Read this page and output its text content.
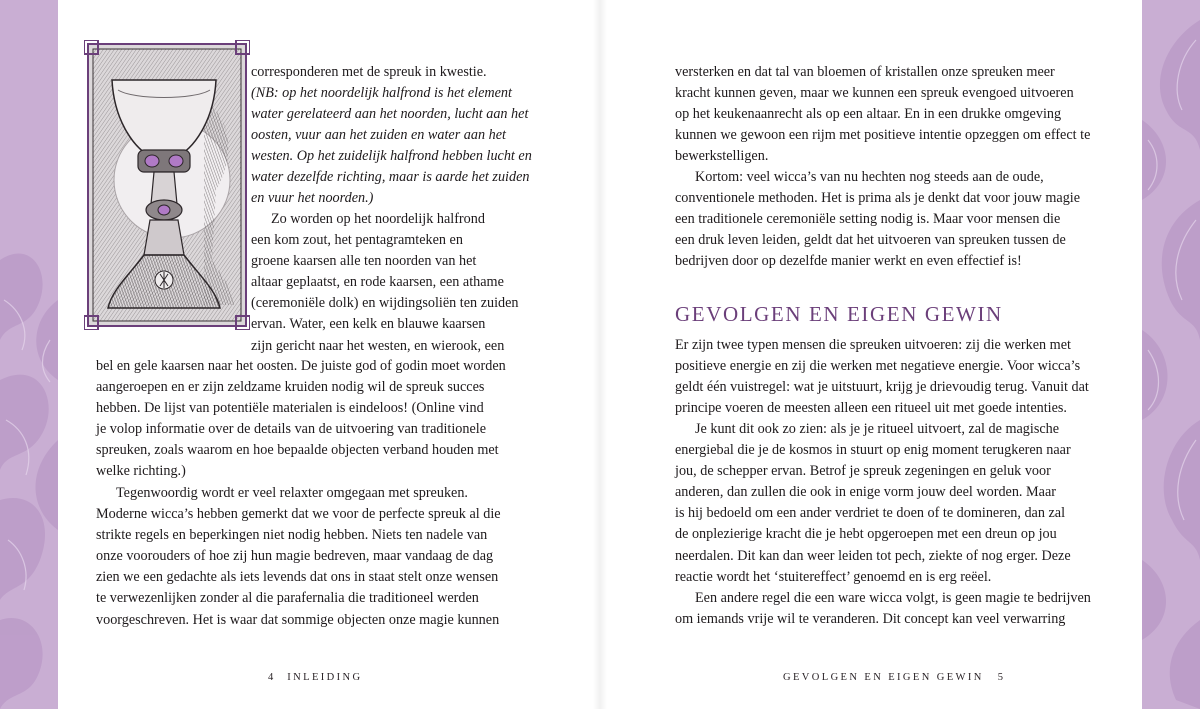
corresponderen met de spreuk in kwestie.

(NB: op het noordelijk halfrond is het element
water gerelateerd aan het noorden, lucht aan het
oosten, vuur aan het zuiden en water aan het
westen. Op het zuidelijk halfrond hebben lucht en
water dezelfde richting, maar is aarde het zuiden
en vuur het noorden.)

Zo worden op het noordelijk halfrond
een kom zout, het pentagramteken en
groene kaarsen alle ten noorden van het
altaar geplaatst, en rode kaarsen, een athame
(ceremoniële dolk) en wijdingsoliën ten zuiden
ervan. Water, een kelk en blauwe kaarsen
zijn gericht naar het westen, en wierook, een

bel en gele kaarsen naar het oosten. De juiste god of godin moet worden
aangeroepen en er zijn zeldzame kruiden nodig wil de spreuk succes
hebben. De lijst van potentiële materialen is eindeloos! (Online vind
je volop informatie over de details van de uitvoering van traditionele
spreuken, zoals waarom en hoe bepaalde objecten verband houden met
welke richting.)

Tegenwoordig wordt er veel relaxter omgegaan met spreuken.
Moderne wicca’s hebben gemerkt dat we voor de perfecte spreuk al die
strikte regels en beperkingen niet nodig hebben. Niets ten nadele van
onze voorouders of hoe zij hun magie bedreven, maar vandaag de dag
zien we een gedachte als iets levends dat ons in staat stelt onze wensen
te verwezenlijken zonder al die parafernalia die traditioneel werden
voorgeschreven. Het is waar dat sommige objecten onze magie kunnen

4 INLEIDING

versterken en dat tal van bloemen of kristallen onze spreuken meer
kracht kunnen geven, maar we kunnen een spreuk evengoed uitvoeren
op het keukenaanrecht als op een altaar. En in een drukke omgeving
kunnen we gewoon een rijm met positieve intentie opzeggen om effect te
bewerkstelligen.

Kortom: veel wicca’s van nu hechten nog steeds aan de oude,
conventionele methoden. Het is prima als je denkt dat voor jouw magie
een traditionele ceremoniële setting nodig is. Maar voor mensen die
een druk leven leiden, geldt dat het uitvoeren van spreuken tussen de
bedrijven door op dezelfde manier werkt en even effectief is!

GEVOLGEN EN EIGEN GEWIN

Er zijn twee typen mensen die spreuken uitvoeren: zij die werken met
positieve energie en zij die werken met negatieve energie. Voor wicca’s
geldt één vuistregel: wat je uitstuurt, krijg je drievoudig terug. Vanuit dat
principe voeren de meesten alleen een ritueel uit met goede intenties.

Je kunt dit ook zo zien: als je je ritueel uitvoert, zal de magische
energiebal die je de kosmos in stuurt op enig moment terugkeren naar
jou, de schepper ervan. Betrof je spreuk zegeningen en geluk voor
anderen, dan zullen die ook in enige vorm jouw deel worden. Maar
is hij bedoeld om een ander verdriet te doen of te domineren, dan zal
de onplezierige kracht die je hebt opgeroepen met een dreun op jou
neerdalen. Dit kan dan weer leiden tot pech, ziekte of nog erger. Deze
reactie wordt het ‘stuitereffect’ genoemd en is erg reëel.

Een andere regel die een ware wicca volgt, is geen magie te bedrijven
om iemands vrije wil te veranderen. Dit concept kan veel verwarring

GEVOLGEN EN EIGEN GEWIN 5
